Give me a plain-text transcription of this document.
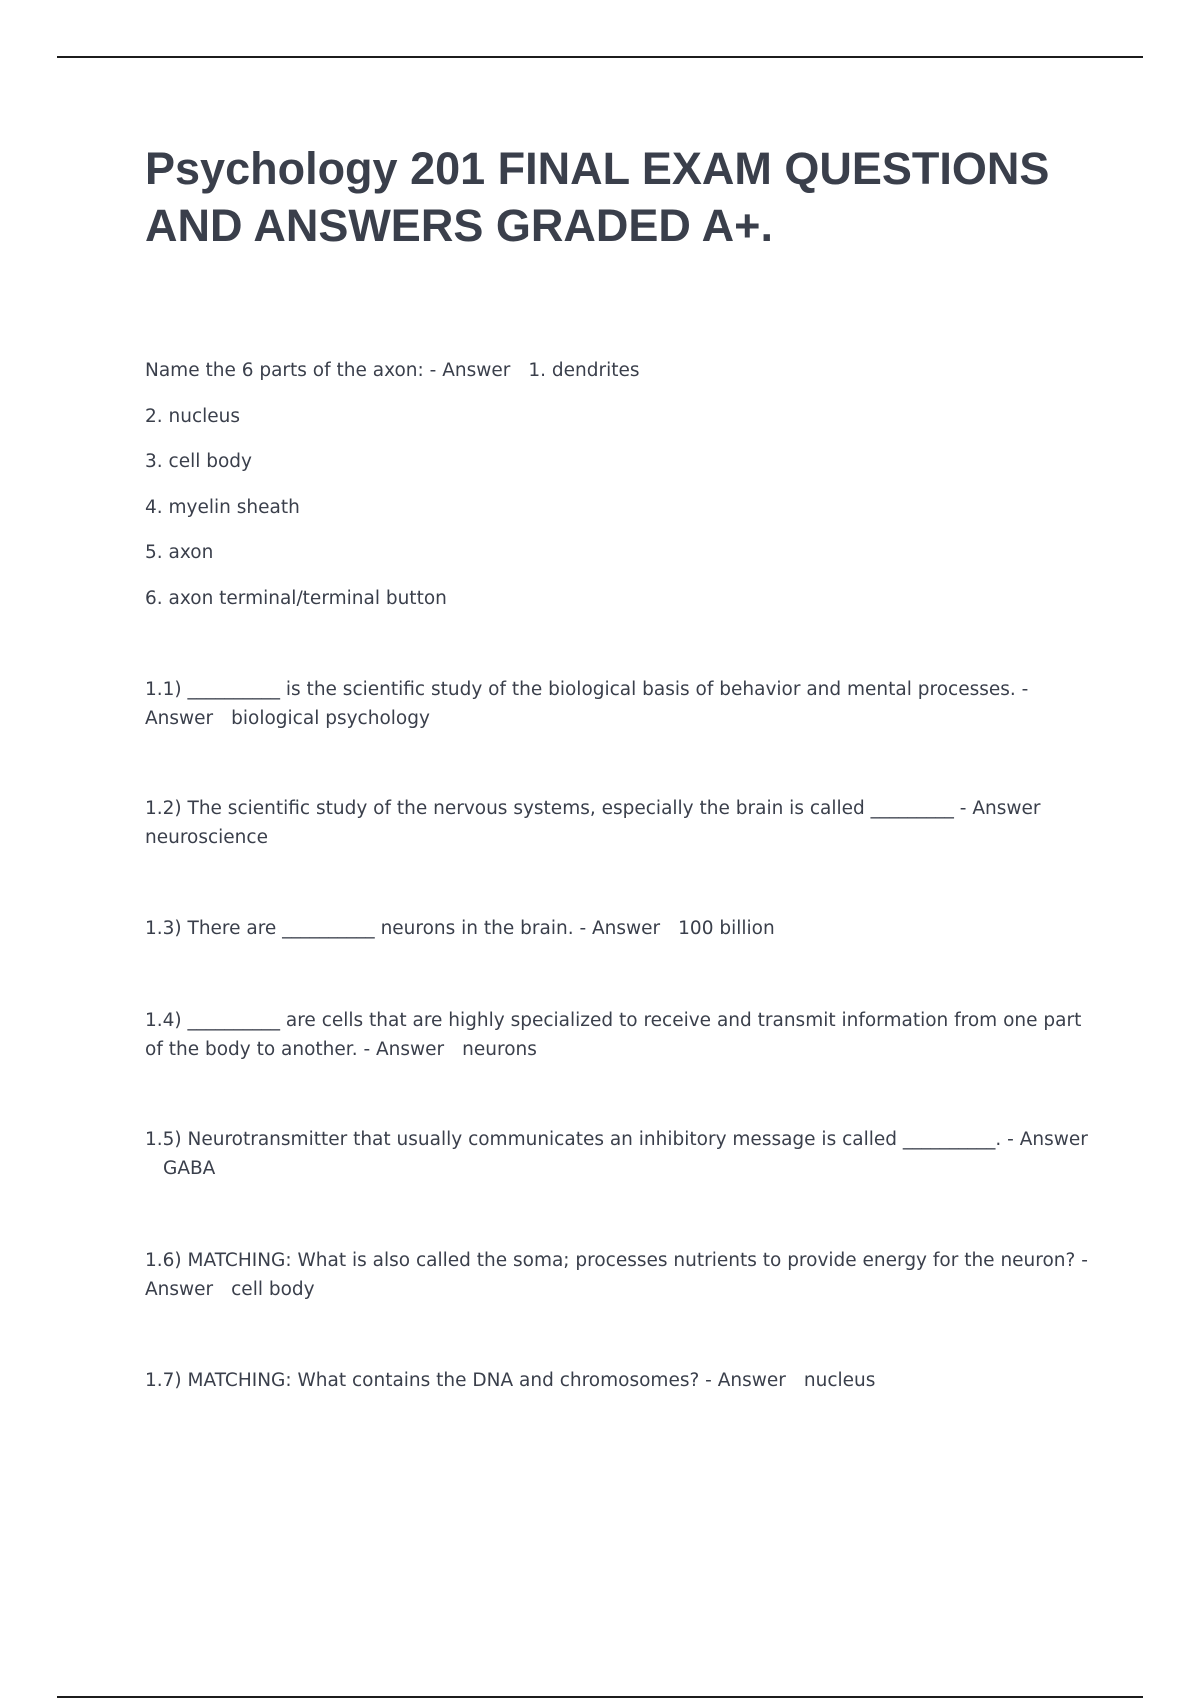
Psychology 201 FINAL EXAM QUESTIONS AND ANSWERS GRADED A+.

Name the 6 parts of the axon: - Answer 1. dendrites

2. nucleus

3. cell body

4. myelin sheath

5. axon

6. axon terminal/terminal button

1.1) __________ is the scientific study of the biological basis of behavior and mental processes. - Answer biological psychology

1.2) The scientific study of the nervous systems, especially the brain is called _________ - Answerneuroscience

1.3) There are __________ neurons in the brain. - Answer 100 billion

1.4) __________ are cells that are highly specialized to receive and transmit information from one part of the body to another. - Answer neurons

1.5) Neurotransmitter that usually communicates an inhibitory message is called __________. - AnswerGABA

1.6) MATCHING: What is also called the soma; processes nutrients to provide energy for the neuron? - Answer cell body

1.7) MATCHING: What contains the DNA and chromosomes? - Answer nucleus
